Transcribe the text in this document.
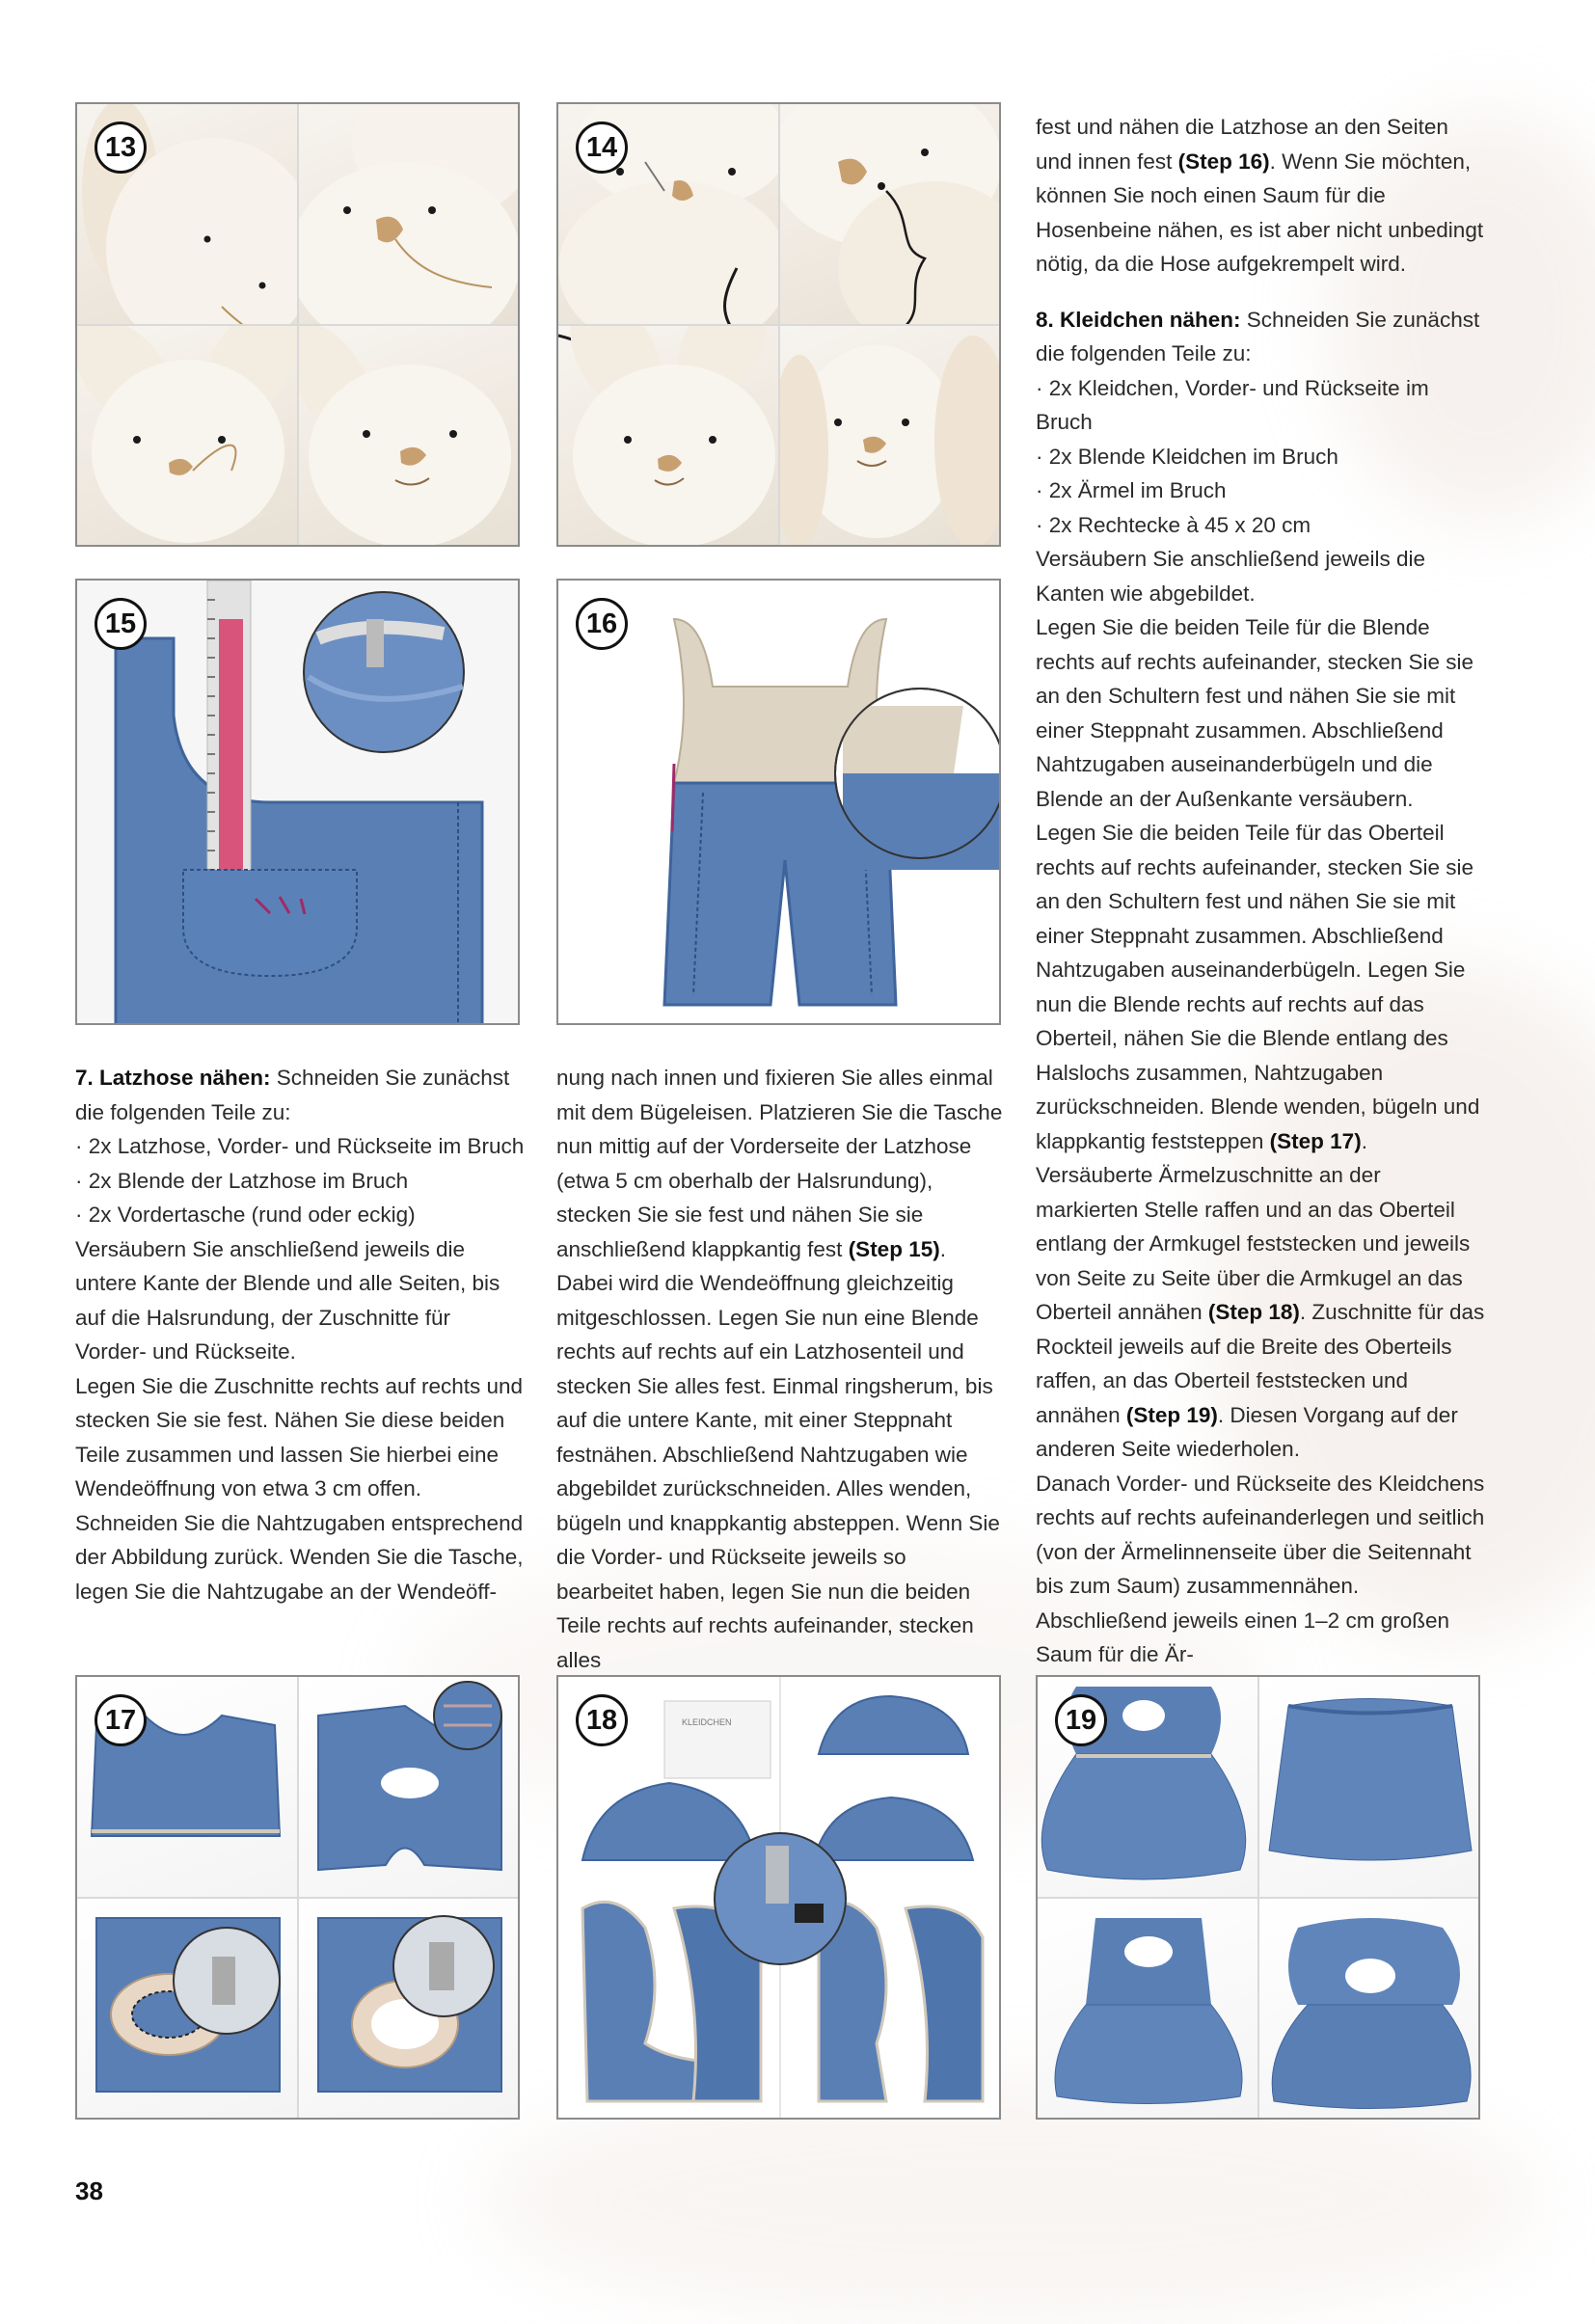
13	14
15	16
17	KLEIDCHEN
18	19

7. Latzhose nähen: Schneiden Sie zunächst die folgenden Teile zu:

· 2x Latzhose, Vorder- und Rückseite im Bruch

· 2x Blende der Latzhose im Bruch

· 2x Vordertasche (rund oder eckig)

Versäubern Sie anschließend jeweils die untere Kante der Blende und alle Seiten, bis auf die Halsrundung, der Zuschnitte für Vorder- und Rückseite.

Legen Sie die Zuschnitte rechts auf rechts und stecken Sie sie fest. Nähen Sie diese beiden Teile zusammen und lassen Sie hierbei eine Wendeöffnung von etwa 3 cm offen. Schneiden Sie die Nahtzugaben entsprechend der Abbildung zurück. Wenden Sie die Tasche, legen Sie die Nahtzugabe an der Wendeöff-

nung nach innen und fixieren Sie alles einmal mit dem Bügeleisen. Platzieren Sie die Tasche nun mittig auf der Vorderseite der Latzhose (etwa 5 cm oberhalb der Halsrundung), stecken Sie sie fest und nähen Sie sie anschließend klappkantig fest (Step 15). Dabei wird die Wendeöffnung gleichzeitig mitgeschlossen. Legen Sie nun eine Blende rechts auf rechts auf ein Latzhosenteil und stecken Sie alles fest. Einmal ringsherum, bis auf die untere Kante, mit einer Steppnaht festnähen. Abschließend Nahtzugaben wie abgebildet zurückschneiden. Alles wenden, bügeln und knappkantig absteppen. Wenn Sie die Vorder- und Rückseite jeweils so bearbeitet haben, legen Sie nun die beiden Teile rechts auf rechts aufeinander, stecken alles

fest und nähen die Latzhose an den Seiten und innen fest (Step 16). Wenn Sie möchten, können Sie noch einen Saum für die Hosenbeine nähen, es ist aber nicht unbedingt nötig, da die Hose aufgekrempelt wird.

8. Kleidchen nähen: Schneiden Sie zunächst die folgenden Teile zu:

· 2x Kleidchen, Vorder- und Rückseite im Bruch

· 2x Blende Kleidchen im Bruch

· 2x Ärmel im Bruch

· 2x Rechtecke à 45 x 20 cm

Versäubern Sie anschließend jeweils die Kanten wie abgebildet.

Legen Sie die beiden Teile für die Blende rechts auf rechts aufeinander, stecken Sie sie an den Schultern fest und nähen Sie sie mit einer Steppnaht zusammen. Abschließend Nahtzugaben auseinanderbügeln und die Blende an der Außenkante versäubern.

Legen Sie die beiden Teile für das Oberteil rechts auf rechts aufeinander, stecken Sie sie an den Schultern fest und nähen Sie sie mit einer Steppnaht zusammen. Abschließend Nahtzugaben auseinanderbügeln. Legen Sie nun die Blende rechts auf rechts auf das Oberteil, nähen Sie die Blende entlang des Halslochs zusammen, Nahtzugaben zurückschneiden. Blende wenden, bügeln und klappkantig feststeppen (Step 17).

Versäuberte Ärmelzuschnitte an der markierten Stelle raffen und an das Oberteil entlang der Armkugel feststecken und jeweils von Seite zu Seite über die Armkugel an das Oberteil annähen (Step 18). Zuschnitte für das Rockteil jeweils auf die Breite des Oberteils raffen, an das Oberteil feststecken und annähen (Step 19). Diesen Vorgang auf der anderen Seite wiederholen.

Danach Vorder- und Rückseite des Kleidchens rechts auf rechts aufeinanderlegen und seitlich (von der Ärmelinnenseite über die Seitennaht bis zum Saum) zusammennähen. Abschließend jeweils einen 1–2 cm großen Saum für die Är-

38
